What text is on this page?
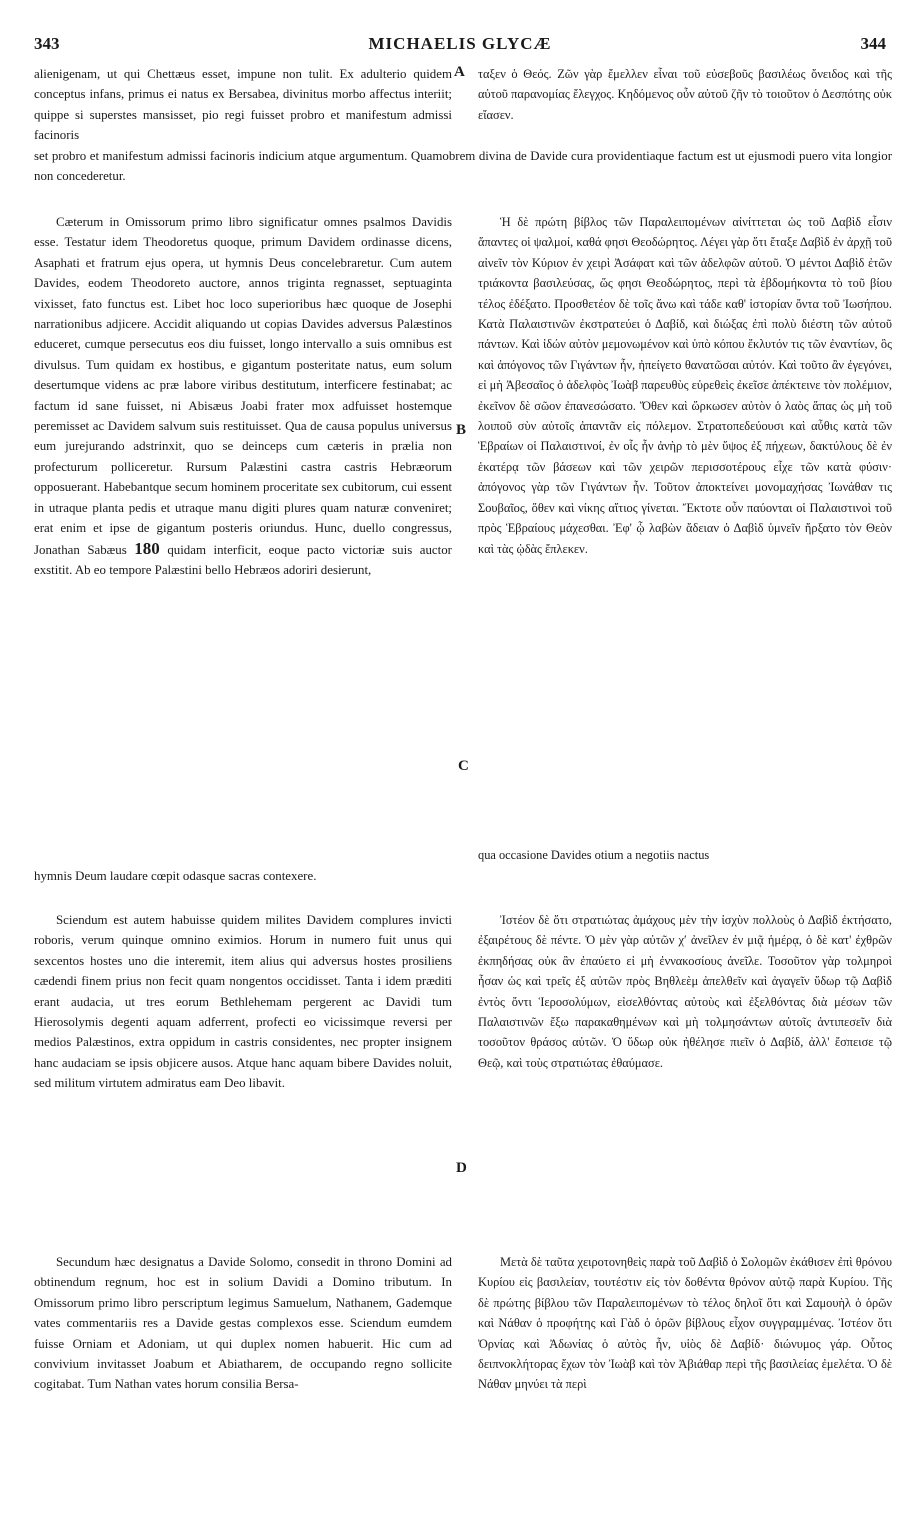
343	MICHAELIS GLYCÆ	344
alienigenam, ut qui Chettæus esset, impune non tulit. Ex adulterio quidem conceptus infans, primus ei natus ex Bersabea, divinitus morbo affectus interiit; quippe si superstes mansisset, pio regi fuisset probro et manifestum admissi facinoris
A ταξεν ὁ Θεός. Ζῶν γὰρ ἔμελλεν εἶναι τοῦ εὐσεβοῦς βασιλέως ὄνειδος καὶ τῆς αὐτοῦ παρανομίας ἔλεγχος. Κηδόμενος οὖν αὐτοῦ ζῆν τὸ τοιοῦτον ὁ Δεσπότης οὐκ εἴασεν.
set probro et manifestum admissi facinoris indicium atque argumentum. Quamobrem divina de Davide cura providentiaque factum est ut ejusmodi puero vita longior non concederetur.
Cæterum in Omissorum primo libro significatur omnes psalmos Davidis esse. Testatur idem Theodoretus quoque, primum Davidem ordinasse dicens, Asaphati et fratrum ejus opera, ut hymnis Deus concelebraretur. Cum autem Davides, eodem Theodoreto auctore, annos triginta regnasset, septuaginta vixisset, fato functus est. Libet hoc loco superioribus hæc quoque de Josephi narrationibus adjicere. Accidit aliquando ut copias Davides adversus Palæstinos educeret, cumque persecutus eos diu fuisset, longo intervallo a suis omnibus est divulsus. Tum quidam ex hostibus, e gigantum posteritate natus, eum solum desertumque videns ac præ labore viribus destitutum, interficere festinabat; ac factum id sane fuisset, ni Abisæus Joabi frater mox adfuisset hostemque peremisset ac Davidem salvum suis restituisset. Qua de causa populus universus eum jurejurando adstrinxit, quo se deinceps cum cæteris in prælia non profecturum polliceretur. Rursum Palæstini castra castris Hebræorum opposuerant. Habebantque secum hominem proceritate sex cubitorum, cui essent in utraque planta pedis et utraque manu digiti plures quam naturæ conveniret; erat enim et ipse de gigantum posteris oriundus. Hunc, duello congressus, Jonathan Sabæus 180 quidam interficit, eoque pacto victoriæ suis auctor exstitit. Ab eo tempore Palæstini bello Hebræos adoriri desierunt,
B
C
Ἡ δὲ πρώτη βίβλος τῶν Παραλειπομένων αἰνίττεται ὡς τοῦ Δαβὶδ εἶσιν ἅπαντες οἱ ψαλμοί, καθά φησι Θεοδώρητος. Λέγει γὰρ ὅτι ἔταξε Δαβὶδ ἐν ἀρχῇ τοῦ αἰνεῖν τὸν Κύριον ἐν χειρὶ Ἀσάφατ καὶ τῶν ἀδελφῶν αὐτοῦ. Ὁ μέντοι Δαβὶδ ἐτῶν τριάκοντα βασιλεύσας, ὥς φησι Θεοδώρητος, περὶ τὰ ἑβδομήκοντα τὸ τοῦ βίου τέλος ἐδέξατο. Προσθετέον δὲ τοῖς ἄνω καὶ τάδε καθ' ἱστορίαν ὄντα τοῦ Ἰωσήπου. Κατὰ Παλαιστινῶν ἐκστρατεύει ὁ Δαβίδ, καὶ διώξας ἐπὶ πολὺ διέστη τῶν αὐτοῦ πάντων. Καὶ ἰδών αὐτὸν μεμονωμένον καὶ ὑπὸ κόπου ἔκλυτόν τις τῶν ἐναντίων, ὃς καὶ ἀπόγονος τῶν Γιγάντων ἦν, ἠπείγετο θανατῶσαι αὐτόν. Καὶ τοῦτο ἂν ἐγεγόνει, εἰ μὴ Ἀβεσαῖος ὁ ἀδελφὸς Ἰωὰβ παρευθὺς εὑρεθεὶς ἐκεῖσε ἀπέκτεινε τὸν πολέμιον, ἐκεῖνον δὲ σῶον ἐπανεσώσατο. Ὅθεν καὶ ὥρκωσεν αὐτὸν ὁ λαὸς ἅπας ὡς μὴ τοῦ λοιποῦ σὺν αὐτοῖς ἀπαντᾶν εἰς πόλεμον. Στρατοπεδεύουσι καὶ αὖθις κατὰ τῶν Ἑβραίων οἱ Παλαιστινοί, ἐν οἷς ἦν ἀνὴρ τὸ μὲν ὕψος ἐξ πήχεων, δακτύλους δὲ ἐν ἑκατέρᾳ τῶν βάσεων καὶ τῶν χειρῶν περισσοτέρους εἶχε τῶν κατὰ φύσιν· ἀπόγονος γὰρ τῶν Γιγάντων ἦν. Τοῦτον ἀποκτείνει μονομαχήσας Ἰωνάθαν τις Σουβαῖος, ὅθεν καὶ νίκης αἴτιος γίνεται. Ἔκτοτε οὖν παύονται οἱ Παλαιστινοὶ τοῦ πρὸς Ἑβραίους μάχεσθαι. Ἐφ' ᾧ λαβὼν ἄδειαν ὁ Δαβὶδ ὑμνεῖν ἤρξατο τὸν Θεὸν καὶ τὰς ᾠδὰς ἔπλεκεν.
qua occasione Davides otium a negotiis nactus
hymnis Deum laudare cœpit odasque sacras contexere.
Sciendum est autem habuisse quidem milites Davidem complures invicti roboris, verum quinque omnino eximios. Horum in numero fuit unus qui sexcentos hostes uno die interemit, item alius qui adversus hostes prosiliens cædendi finem prius non fecit quam nongentos occidisset. Tanta i idem præditi erant audacia, ut tres eorum Bethlehemam pergerent ac Davidi tum Hierosolymis degenti aquam adferrent, profecti eo vicissimque reversi per medios Palæstinos, extra oppidum in castris considentes, nec propter insignem hanc audaciam se ipsis objicere ausos. Atque hanc aquam bibere Davides noluit, sed militum virtutem admiratus eam Deo libavit.
D
Ἰστέον δὲ ὅτι στρατιώτας ἀμάχους μὲν τὴν ἰσχὺν πολλοὺς ὁ Δαβὶδ ἐκτήσατο, ἐξαιρέτους δὲ πέντε. Ὁ μὲν γὰρ αὐτῶν χʹ ἀνεῖλεν ἐν μιᾷ ἡμέρᾳ, ὁ δὲ κατ' ἐχθρῶν ἐκπηδήσας οὐκ ἂν ἐπαύετο εἰ μὴ ἐννακοσίους ἀνεῖλε. Τοσοῦτον γὰρ τολμηροὶ ἦσαν ὡς καὶ τρεῖς ἐξ αὐτῶν πρὸς Βηθλεὲμ ἀπελθεῖν καὶ ἀγαγεῖν ὕδωρ τῷ Δαβὶδ ἐντὸς ὄντι Ἱεροσολύμων, εἰσελθόντας αὐτοὺς καὶ ἐξελθόντας διὰ μέσων τῶν Παλαιστινῶν ἔξω παρακαθημένων καὶ μὴ τολμησάντων αὐτοῖς ἀντιπεσεῖν διὰ τοσοῦτον θράσος αὐτῶν. Ὁ ὕδωρ οὐκ ἠθέλησε πιεῖν ὁ Δαβίδ, ἀλλ' ἔσπεισε τῷ Θεῷ, καὶ τοὺς στρατιώτας ἐθαύμασε.
Secundum hæc designatus a Davide Solomo, consedit in throno Domini ad obtinendum regnum, hoc est in solium Davidi a Domino tributum. In Omissorum primo libro perscriptum legimus Samuelum, Nathanem, Gademque vates commentariis res a Davide gestas complexos esse. Sciendum eumdem fuisse Orniam et Adoniam, ut qui duplex nomen habuerit. Hic cum ad convivium invitasset Joabum et Abiatharem, de occupando regno sollicite cogitabat. Tum Nathan vates horum consilia Bersa-
Μετὰ δὲ ταῦτα χειροτονηθεὶς παρὰ τοῦ Δαβὶδ ὁ Σολομῶν ἐκάθισεν ἐπὶ θρόνου Κυρίου εἰς βασιλείαν, τουτέστιν εἰς τὸν δοθέντα θρόνον αὐτῷ παρὰ Κυρίου. Τῆς δὲ πρώτης βίβλου τῶν Παραλειπομένων τὸ τέλος δηλοῖ ὅτι καὶ Σαμουὴλ ὁ ὁρῶν καὶ Νάθαν ὁ προφήτης καὶ Γὰδ ὁ ὁρῶν βίβλους εἶχον συγγραμμένας. Ἰστέον ὅτι Ὀρνίας καὶ Ἀδωνίας ὁ αὐτὸς ἦν, υἱὸς δὲ Δαβίδ· διώνυμος γάρ. Οὗτος δειπνοκλήτορας ἔχων τὸν Ἰωὰβ καὶ τὸν Ἀβιάθαρ περὶ τῆς βασιλείας ἐμελέτα. Ὁ δὲ Νάθαν μηνύει τὰ περὶ
